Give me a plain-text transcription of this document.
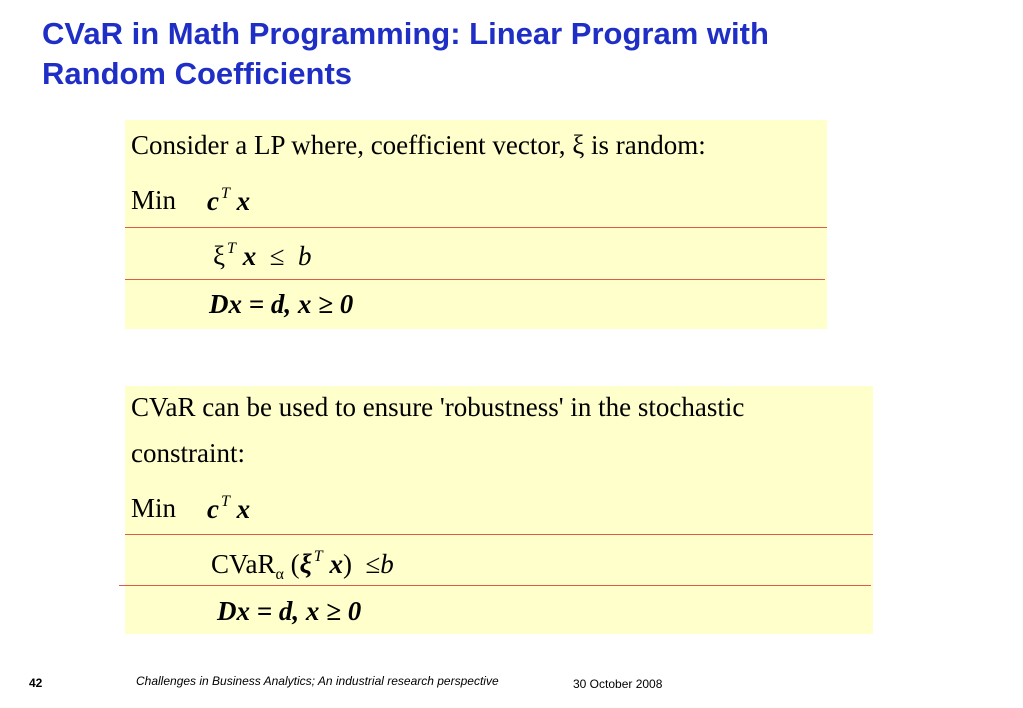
CVaR in Math Programming: Linear Program with
Random Coefficients
Consider a LP where, coefficient vector, ξ is random:
Min c $^T$ x
ξ $^T$ x ≤ b
Dx = d, x ≥ 0
CVaR can be used to ensure 'robustness' in the stochastic
constraint:
Min c $^T$ x
CVaR$_\alpha$ (ξ $^T$ x) ≤b
Dx = d, x ≥ 0
42	Challenges in Business Analytics; An industrial research perspective	30 October 2008
